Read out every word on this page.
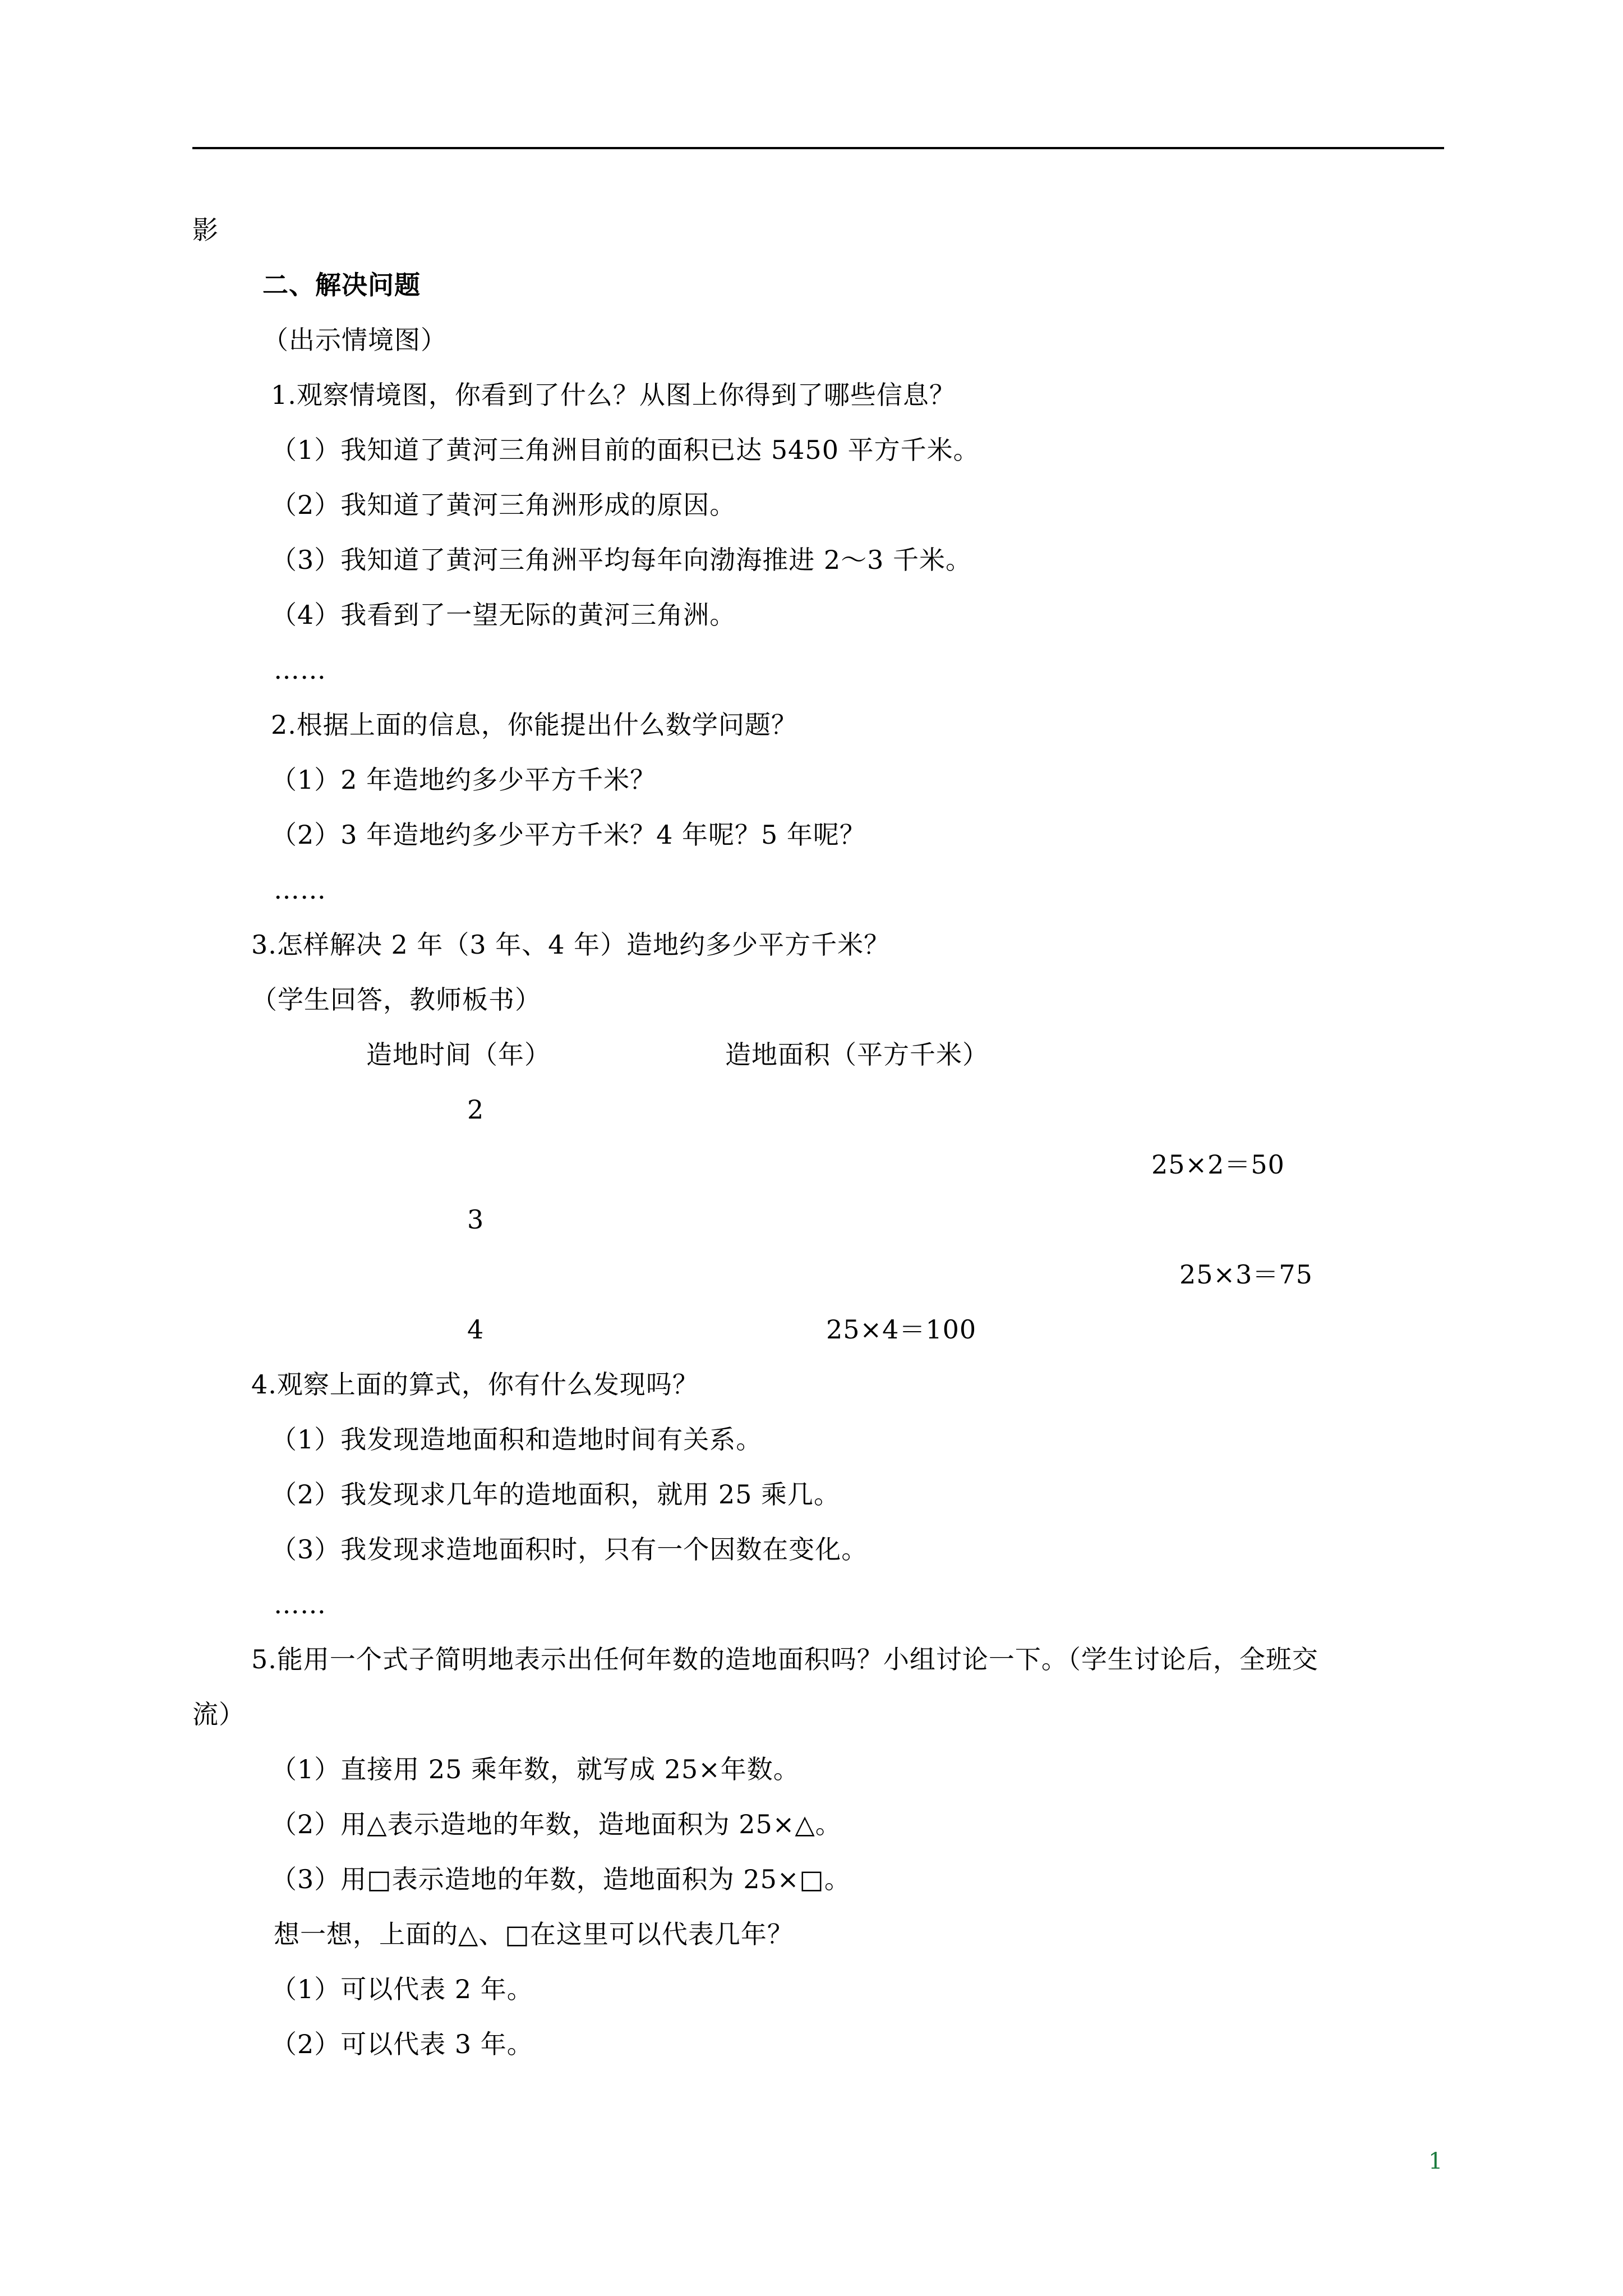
影
二、解决问题
（出示情境图）
1.观察情境图，你看到了什么？从图上你得到了哪些信息？
（1）我知道了黄河三角洲目前的面积已达 5450 平方千米。
（2）我知道了黄河三角洲形成的原因。
（3）我知道了黄河三角洲平均每年向渤海推进 2～3 千米。
（4）我看到了一望无际的黄河三角洲。
……
2.根据上面的信息，你能提出什么数学问题？
（1）2 年造地约多少平方千米？
（2）3 年造地约多少平方千米？4 年呢？5 年呢？
……
3.怎样解决 2 年（3 年、4 年）造地约多少平方千米？
（学生回答，教师板书）
造地时间（年）	造地面积（平方千米）
2
25×2＝50
3
25×3＝75
4	25×4＝100
4.观察上面的算式，你有什么发现吗？
（1）我发现造地面积和造地时间有关系。
（2）我发现求几年的造地面积，就用 25 乘几。
（3）我发现求造地面积时，只有一个因数在变化。
……
5.能用一个式子简明地表示出任何年数的造地面积吗？小组讨论一下。（学生讨论后，全班交
流）
（1）直接用 25 乘年数，就写成 25×年数。
（2）用△表示造地的年数，造地面积为 25×△。
（3）用□表示造地的年数，造地面积为 25×□。
想一想，上面的△、□在这里可以代表几年？
（1）可以代表 2 年。
（2）可以代表 3 年。
1
